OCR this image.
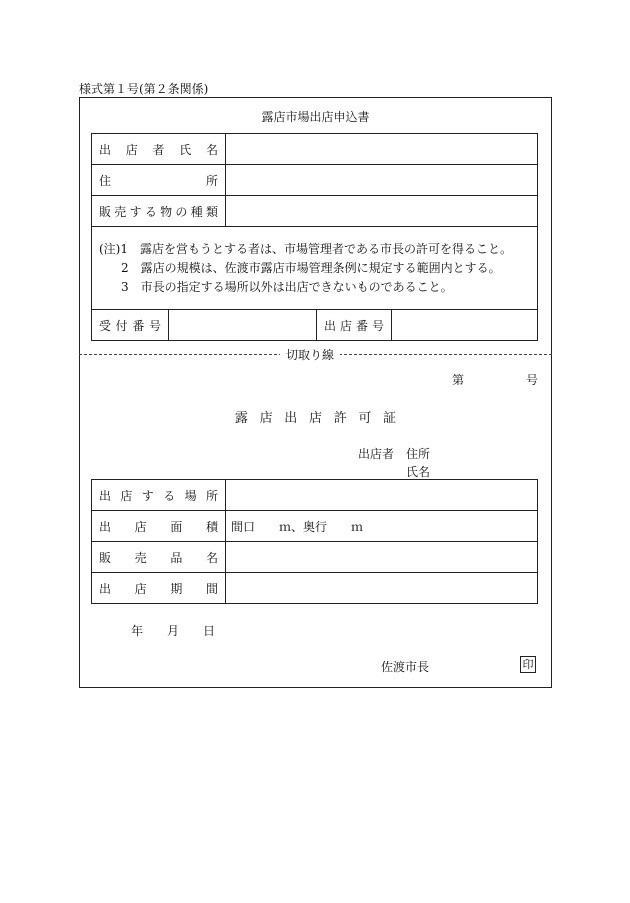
様式第１号(第２条関係)
露店市場出店申込書
出店者氏名	
住所	
販売する物の種類	
(注)1　 露店を営もうとする者は、市場管理者である市長の許可を得ること。
2　 露店の規模は、佐渡市露店市場管理条例に規定する範囲内とする。
3　 市長の指定する場所以外は出店できないものであること。
受付番号		出店番号	
切取り線
第	号
露店出店許可証
出店者　 住所
氏名
出店する場所	
出店面積	間口　　ｍ、奥行　　ｍ
販売品名	
出店期間	
年 月 日
佐渡市長	印
